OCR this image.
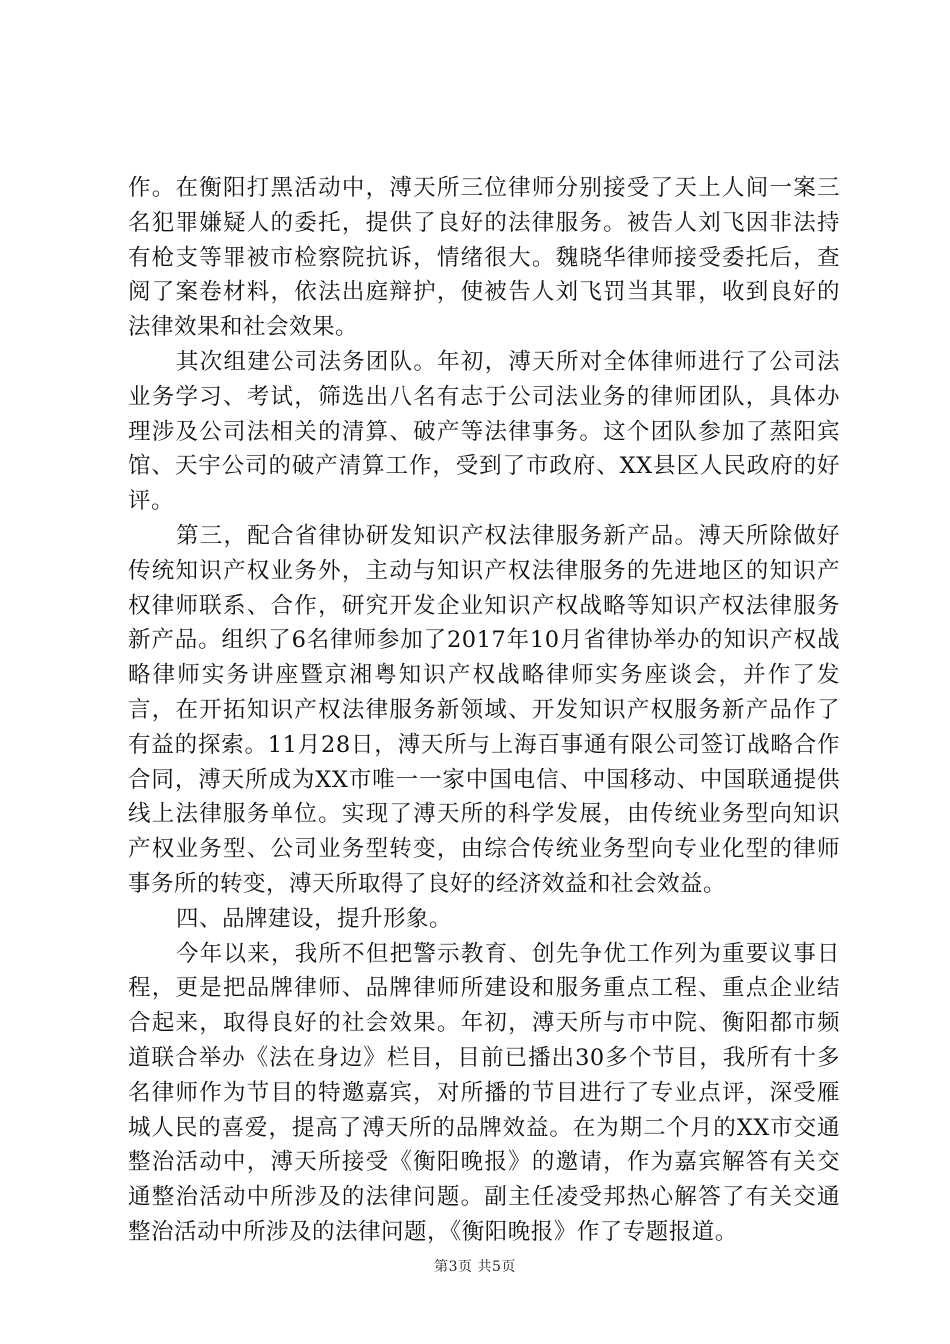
作。在衡阳打黑活动中，溥天所三位律师分别接受了天上人间一案三名犯罪嫌疑人的委托，提供了良好的法律服务。被告人刘飞因非法持有枪支等罪被市检察院抗诉，情绪很大。魏晓华律师接受委托后，查阅了案卷材料，依法出庭辩护，使被告人刘飞罚当其罪，收到良好的法律效果和社会效果。

其次组建公司法务团队。年初，溥天所对全体律师进行了公司法业务学习、考试，筛选出八名有志于公司法业务的律师团队，具体办理涉及公司法相关的清算、破产等法律事务。这个团队参加了蒸阳宾馆、天宇公司的破产清算工作，受到了市政府、XX县区人民政府的好评。

第三，配合省律协研发知识产权法律服务新产品。溥天所除做好传统知识产权业务外，主动与知识产权法律服务的先进地区的知识产权律师联系、合作，研究开发企业知识产权战略等知识产权法律服务新产品。组织了6名律师参加了2017年10月省律协举办的知识产权战略律师实务讲座暨京湘粤知识产权战略律师实务座谈会，并作了发言，在开拓知识产权法律服务新领域、开发知识产权服务新产品作了有益的探索。11月28日，溥天所与上海百事通有限公司签订战略合作合同，溥天所成为XX市唯一一家中国电信、中国移动、中国联通提供线上法律服务单位。实现了溥天所的科学发展，由传统业务型向知识产权业务型、公司业务型转变，由综合传统业务型向专业化型的律师事务所的转变，溥天所取得了良好的经济效益和社会效益。

四、品牌建设，提升形象。

今年以来，我所不但把警示教育、创先争优工作列为重要议事日程，更是把品牌律师、品牌律师所建设和服务重点工程、重点企业结合起来，取得良好的社会效果。年初，溥天所与市中院、衡阳都市频道联合举办《法在身边》栏目，目前已播出30多个节目，我所有十多名律师作为节目的特邀嘉宾，对所播的节目进行了专业点评，深受雁城人民的喜爱，提高了溥天所的品牌效益。在为期二个月的XX市交通整治活动中，溥天所接受《衡阳晚报》的邀请，作为嘉宾解答有关交通整治活动中所涉及的法律问题。副主任凌受邦热心解答了有关交通整治活动中所涉及的法律问题，《衡阳晚报》作了专题报道。

第3页 共5页
